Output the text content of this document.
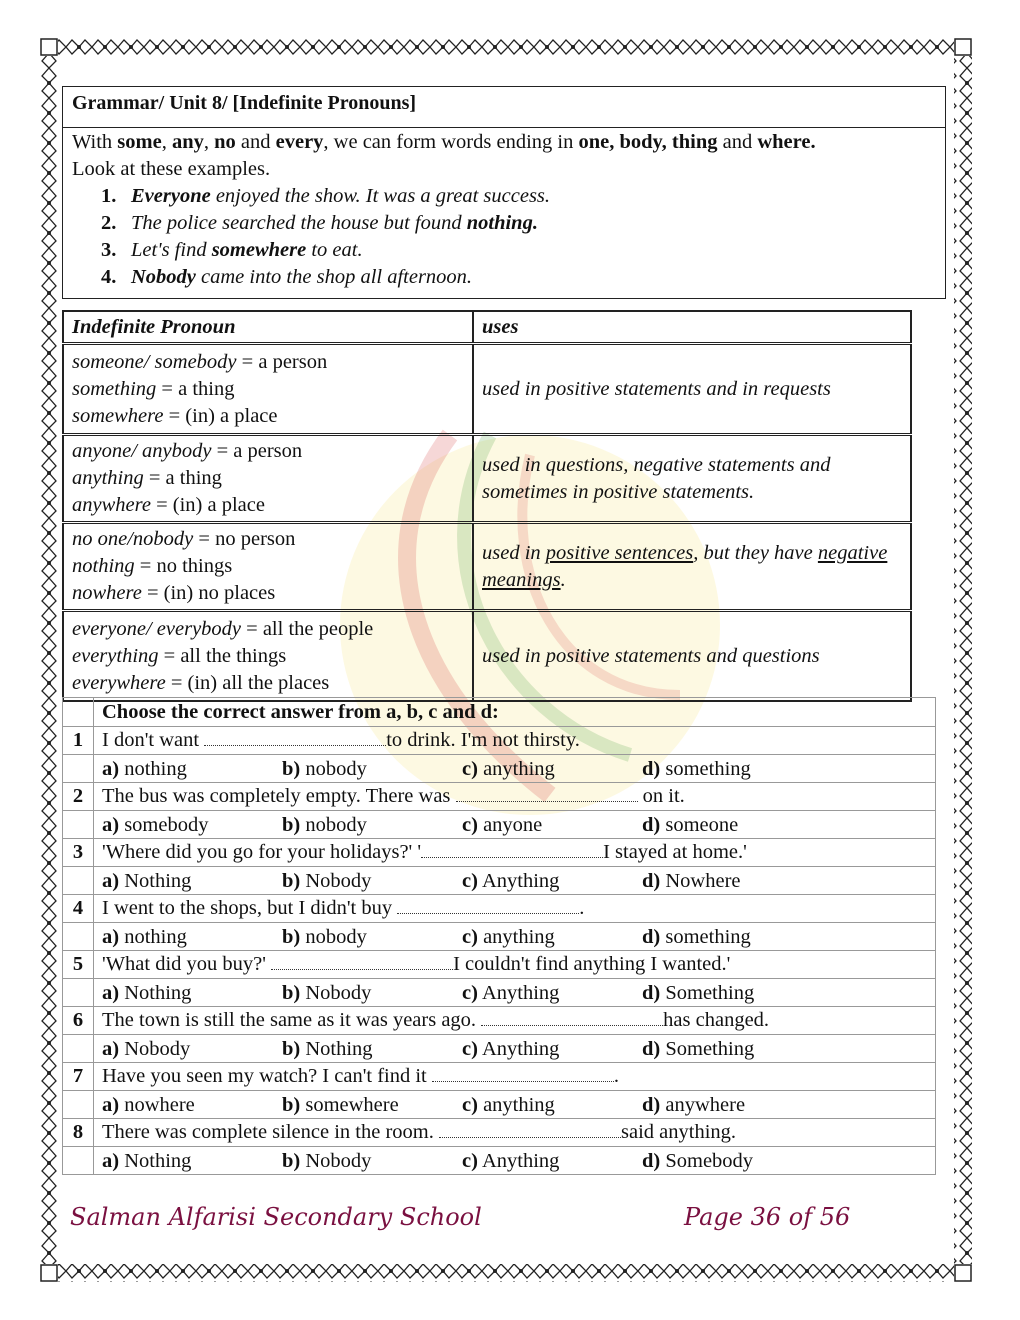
Grammar/ Unit 8/ [Indefinite Pronouns]
With some, any, no and every, we can form words ending in one, body, thing and where.
Look at these examples.
1. Everyone enjoyed the show. It was a great success.
2. The police searched the house but found nothing.
3. Let's find somewhere to eat.
4. Nobody came into the shop all afternoon.
Indefinite Pronoun	uses

someone/ somebody = a person
something = a thing
somewhere = (in) a place	used in positive statements and in requests

anyone/ anybody = a person
anything = a thing
anywhere = (in) a place	used in questions, negative statements and sometimes in positive statements.

no one/nobody = no person
nothing = no things
nowhere = (in) no places	used in positive sentences, but they have negative meanings.

everyone/ everybody = all the people
everything = all the things
everywhere = (in) all the places	used in positive statements and questions
	Choose the correct answer from a, b, c and d:
1	I don't want to drink. I'm not thirsty.

	a) nothing b) nobody c) anything d) something

2	The bus was completely empty. There was on it.

	a) somebody b) nobody c) anyone d) someone

3	'Where did you go for your holidays?' ' I stayed at home.'

	a) Nothing b) Nobody c) Anything d) Nowhere

4	I went to the shops, but I didn't buy .

	a) nothing b) nobody c) anything d) something

5	'What did you buy?' I couldn't find anything I wanted.'

	a) Nothing b) Nobody c) Anything d) Something

6	The town is still the same as it was years ago. has changed.

	a) Nobody b) Nothing c) Anything d) Something

7	Have you seen my watch? I can't find it .

	a) nowhere b) somewhere c) anything d) anywhere

8	There was complete silence in the room. said anything.

	a) Nothing b) Nobody c) Anything d) Somebody
Salman Alfarisi Secondary School	Page 36 of 56
